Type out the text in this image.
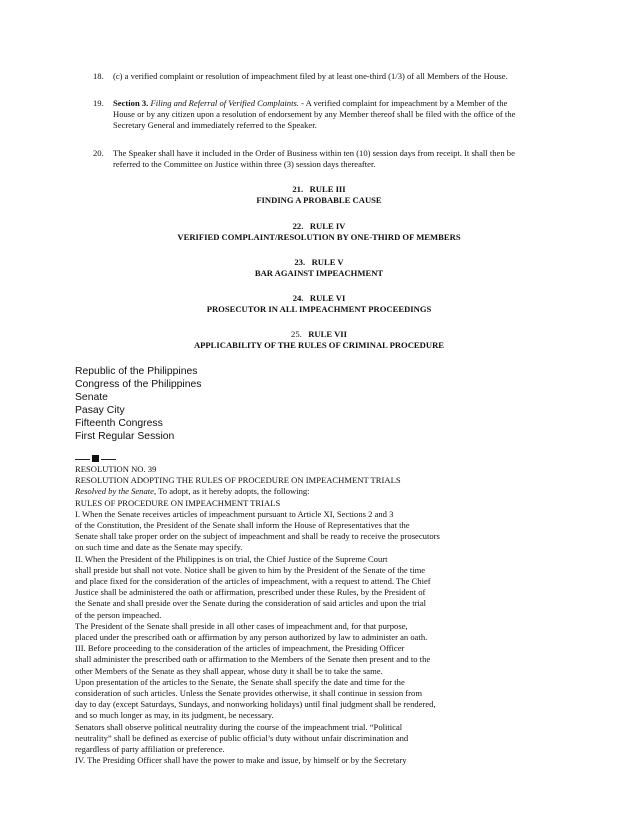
18. (c) a verified complaint or resolution of impeachment filed by at least one-third (1/3) of all Members of the House.
19. Section 3. Filing and Referral of Verified Complaints. - A verified complaint for impeachment by a Member of the
House or by any citizen upon a resolution of endorsement by any Member thereof shall be filed with the office of the
Secretary General and immediately referred to the Speaker.
20. The Speaker shall have it included in the Order of Business within ten (10) session days from receipt. It shall then be
referred to the Committee on Justice within three (3) session days thereafter.
21. RULE III
FINDING A PROBABLE CAUSE
22. RULE IV
VERIFIED COMPLAINT/RESOLUTION BY ONE-THIRD OF MEMBERS
23. RULE V
BAR AGAINST IMPEACHMENT
24. RULE VI
PROSECUTOR IN ALL IMPEACHMENT PROCEEDINGS
25. RULE VII
APPLICABILITY OF THE RULES OF CRIMINAL PROCEDURE
Republic of the Philippines
Congress of the Philippines
Senate
Pasay City
Fifteenth Congress
First Regular Session
RESOLUTION NO. 39
RESOLUTION ADOPTING THE RULES OF PROCEDURE ON IMPEACHMENT TRIALS
Resolved by the Senate, To adopt, as it hereby adopts, the following:
RULES OF PROCEDURE ON IMPEACHMENT TRIALS
I. When the Senate receives articles of impeachment pursuant to Article XI, Sections 2 and 3
of the Constitution, the President of the Senate shall inform the House of Representatives that the
Senate shall take proper order on the subject of impeachment and shall be ready to receive the prosecutors
on such time and date as the Senate may specify.
II. When the President of the Philippines is on trial, the Chief Justice of the Supreme Court
shall preside but shall not vote. Notice shall be given to him by the President of the Senate of the time
and place fixed for the consideration of the articles of impeachment, with a request to attend. The Chief
Justice shall be administered the oath or affirmation, prescribed under these Rules, by the President of
the Senate and shall preside over the Senate during the consideration of said articles and upon the trial
of the person impeached.
The President of the Senate shall preside in all other cases of impeachment and, for that purpose,
placed under the prescribed oath or affirmation by any person authorized by law to administer an oath.
III. Before proceeding to the consideration of the articles of impeachment, the Presiding Officer
shall administer the prescribed oath or affirmation to the Members of the Senate then present and to the
other Members of the Senate as they shall appear, whose duty it shall be to take the same.
Upon presentation of the articles to the Senate, the Senate shall specify the date and time for the
consideration of such articles. Unless the Senate provides otherwise, it shall continue in session from
day to day (except Saturdays, Sundays, and nonworking holidays) until final judgment shall be rendered,
and so much longer as may, in its judgment, be necessary.
Senators shall observe political neutrality during the course of the impeachment trial. “Political
neutrality” shall be defined as exercise of public official’s duty without unfair discrimination and
regardless of party affiliation or preference.
IV. The Presiding Officer shall have the power to make and issue, by himself or by the Secretary
